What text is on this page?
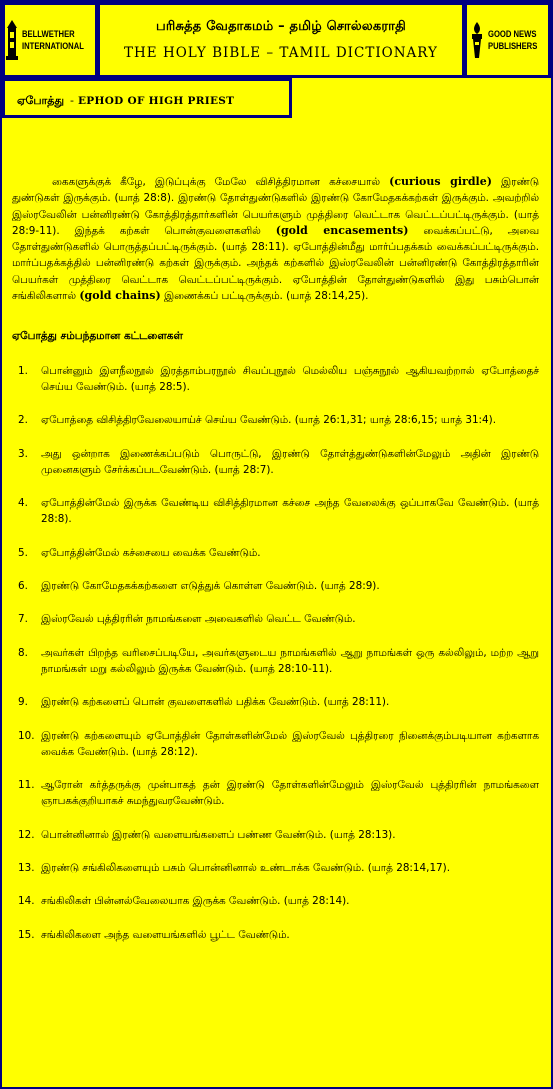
BELLWETHER
INTERNATIONAL
பரிசுத்த வேதாகமம் – தமிழ் சொல்லகராதி
THE HOLY BIBLE – TAMIL DICTIONARY
GOOD NEWS
PUBLISHERS
ஏபோத்து - EPHOD OF HIGH PRIEST

கைகளுக்குக் கீழே, இடுப்புக்கு மேலே விசித்திரமான கச்சையால் (curious girdle) இரண்டு துண்டுகள் இருக்கும். (யாத் 28:8). இரண்டு தோள்துண்டுகளில் இரண்டு கோமேதகக்கற்கள் இருக்கும். அவற்றில் இஸ்ரவேலின் பன்னிரண்டு கோத்திரத்தார்களின் பெயர்களும் முத்திரை வெட்டாக வெட்டப்பட்டிருக்கும். (யாத் 28:9-11). இந்தக் கற்கள் பொன்குவளைகளில் (gold encasements) வைக்கப்பட்டு, அவை தோள்துண்டுகளில் பொருத்தப்பட்டிருக்கும். (யாத் 28:11). ஏபோத்தின்மீது மார்ப்பதக்கம் வைக்கப்பட்டிருக்கும். மார்ப்பதக்கத்தில் பன்னிரண்டு கற்கள் இருக்கும். அந்தக் கற்களில் இஸ்ரவேலின் பன்னிரண்டு கோத்திரத்தாரின் பெயர்கள் முத்திரை வெட்டாக வெட்டப்பட்டிருக்கும். ஏபோத்தின் தோள்துண்டுகளில் இது பசும்பொன் சங்கிலிகளால் (gold chains) இணைக்கப் பட்டிருக்கும். (யாத் 28:14,25).

ஏபோத்து சம்பந்தமான கட்டளைகள்
1.	பொன்னும் இளநீலநூல் இரத்தாம்பரநூல் சிவப்புநூல் மெல்லிய பஞ்சுநூல் ஆகியவற்றால் ஏபோத்தைச் செய்ய வேண்டும். (யாத் 28:5).
2.	ஏபோத்தை விசித்திரவேலையாய்ச் செய்ய வேண்டும். (யாத் 26:1,31; யாத் 28:6,15; யாத் 31:4).
3.	அது ஒன்றாக இணைக்கப்படும் பொருட்டு, இரண்டு தோள்த்துண்டுகளின்மேலும் அதின் இரண்டு முனைகளும் சேர்க்கப்படவேண்டும். (யாத் 28:7).
4.	ஏபோத்தின்மேல் இருக்க வேண்டிய விசித்திரமான கச்சை அந்த வேலைக்கு ஒப்பாகவே வேண்டும். (யாத் 28:8).
5.	ஏபோத்தின்மேல் கச்சையை வைக்க வேண்டும்.
6.	இரண்டு கோமேதகக்கற்களை எடுத்துக் கொள்ள வேண்டும். (யாத் 28:9).
7.	இஸ்ரவேல் புத்திரரின் நாமங்களை அவைகளில் வெட்ட வேண்டும்.
8.	அவர்கள் பிறந்த வரிசைப்படியே, அவர்களுடைய நாமங்களில் ஆறு நாமங்கள் ஒரு கல்லிலும், மற்ற ஆறு நாமங்கள் மறு கல்லிலும் இருக்க வேண்டும். (யாத் 28:10-11).
9.	இரண்டு கற்களைப் பொன் குவளைகளில் பதிக்க வேண்டும். (யாத் 28:11).
10. இரண்டு கற்களையும் ஏபோத்தின் தோள்களின்மேல் இஸ்ரவேல் புத்திரரை நினைக்கும்படியான கற்களாக வைக்க வேண்டும். (யாத் 28:12).
11. ஆரோன் கர்த்தருக்கு முன்பாகத் தன் இரண்டு தோள்களின்மேலும் இஸ்ரவேல் புத்திரரின் நாமங்களை ஞாபகக்குறியாகச் சுமந்துவரவேண்டும்.
12. பொன்னினால் இரண்டு வளையங்களைப் பண்ண வேண்டும். (யாத் 28:13).
13. இரண்டு சங்கிலிகளையும் பசும் பொன்னினால் உண்டாக்க வேண்டும். (யாத் 28:14,17).
14. சங்கிலிகள் பின்னல்வேலையாக இருக்க வேண்டும். (யாத் 28:14).
15. சங்கிலிகளை அந்த வளையங்களில் பூட்ட வேண்டும்.
